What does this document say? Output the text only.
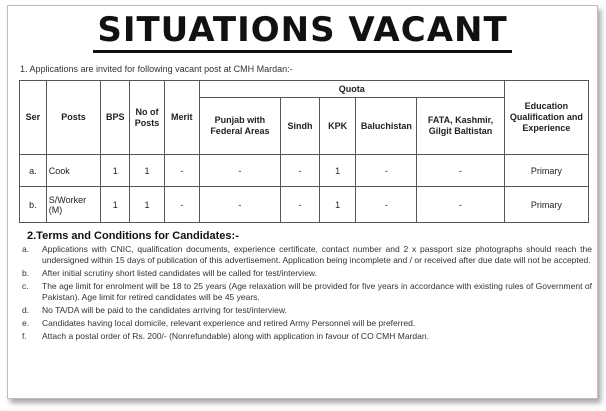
SITUATIONS VACANT
1. Applications are invited for following vacant post at CMH Mardan:-
Ser	Posts	BPS	No of Posts	Merit	Quota					Education Qualification and Experience
					Punjab with Federal Areas	Sindh	KPK	Baluchistan	FATA, Kashmir, Gilgit Baltistan	
a.	Cook	1	1	-	-	-	1	-	-	Primary
b.	S/Worker (M)	1	1	-	-	-	1	-	-	Primary
2.Terms and Conditions for Candidates:-
a.	Applications with CNIC, qualification documents, experience certificate, contact number and 2 x passport size photographs should reach the undersigned within 15 days of publication of this advertisement. Application being incomplete and / or received after due date will not be accepted.
b.	After initial scrutiny short listed candidates will be called for test/interview.
c.	The age limit for enrolment will be 18 to 25 years (Age relaxation will be provided for five years in accordance with existing rules of Government of Pakistan). Age limit for retired candidates will be 45 years.
d.	No TA/DA will be paid to the candidates arriving for test/interview.
e.	Candidates having local domicile, relevant experience and retired Army Personnel will be preferred.
f.	Attach a postal order of Rs. 200/- (Nonrefundable) along with application in favour of CO CMH Mardan.
